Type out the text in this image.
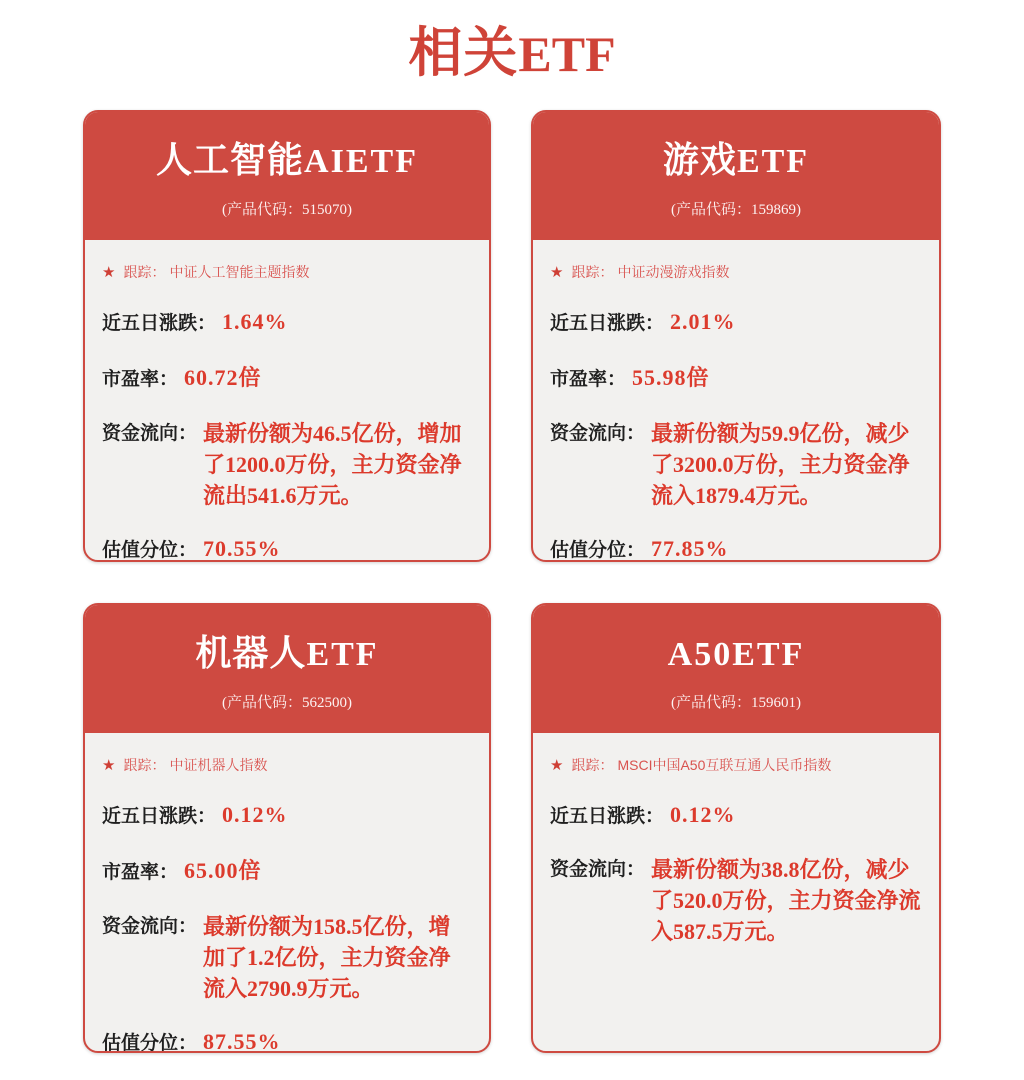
相关ETF
人工智能AIETF
(产品代码：515070)
★ 跟踪： 中证人工智能主题指数
近五日涨跌： 1.64%
市盈率： 60.72倍
资金流向： 最新份额为46.5亿份，增加了1200.0万份，主力资金净流出541.6万元。
估值分位： 70.55%
游戏ETF
(产品代码：159869)
★ 跟踪： 中证动漫游戏指数
近五日涨跌： 2.01%
市盈率： 55.98倍
资金流向： 最新份额为59.9亿份，减少了3200.0万份，主力资金净流入1879.4万元。
估值分位： 77.85%
机器人ETF
(产品代码：562500)
★ 跟踪： 中证机器人指数
近五日涨跌： 0.12%
市盈率： 65.00倍
资金流向： 最新份额为158.5亿份，增加了1.2亿份，主力资金净流入2790.9万元。
估值分位： 87.55%
A50ETF
(产品代码：159601)
★ 跟踪： MSCI中国A50互联互通人民币指数
近五日涨跌： 0.12%
资金流向： 最新份额为38.8亿份，减少了520.0万份，主力资金净流入587.5万元。
